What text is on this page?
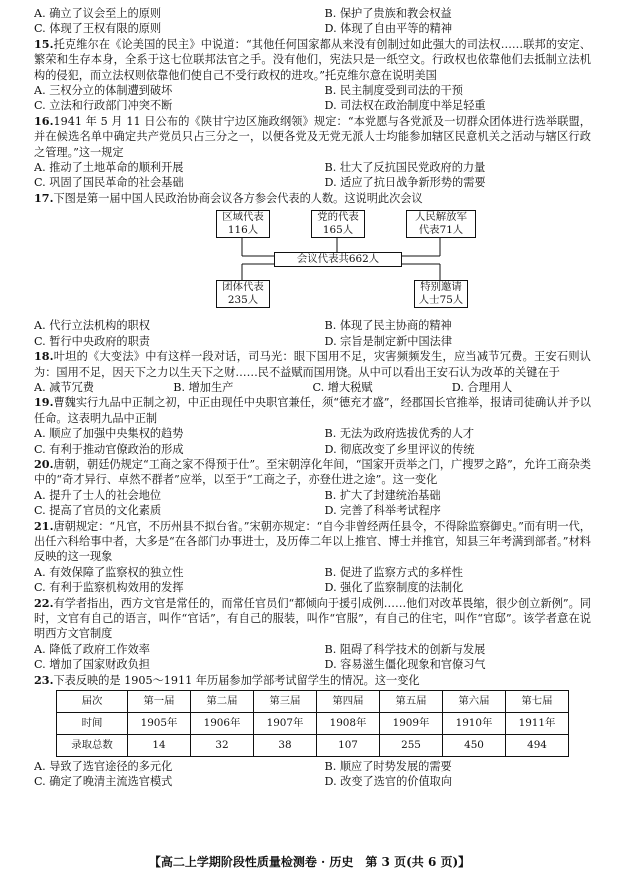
A. 确立了议会至上的原则	B. 保护了贵族和教会权益
C. 体现了王权有限的原则	D. 体现了自由平等的精神
15.托克维尔在《论美国的民主》中说道：“其他任何国家都从来没有创制过如此强大的司法权……联邦的安定、繁荣和生存本身，全系于这七位联邦法官之手。没有他们，宪法只是一纸空文。行政权也依靠他们去抵制立法机构的侵犯，而立法权则依靠他们使自己不受行政权的进攻。”托克维尔意在说明美国
A. 三权分立的体制遭到破坏	B. 民主制度受到司法的干预
C. 立法和行政部门冲突不断	D. 司法权在政治制度中举足轻重
16.1941 年 5 月 11 日公布的《陕甘宁边区施政纲领》规定：“本党愿与各党派及一切群众团体进行选举联盟，并在候选名单中确定共产党员只占三分之一，以便各党及无党无派人士均能参加辖区民意机关之活动与辖区行政之管理。”这一规定
A. 推动了土地革命的顺利开展	B. 壮大了反抗国民党政府的力量
C. 巩固了国民革命的社会基础	D. 适应了抗日战争新形势的需要
17.下图是第一届中国人民政治协商会议各方参会代表的人数。这说明此次会议
区域代表
116人
党的代表
165人
人民解放军
代表71人
会议代表共662人
团体代表
235人
特别邀请
人士75人
A. 代行立法机构的职权	B. 体现了民主协商的精神
C. 暂行中央政府的职责	D. 宗旨是制定新中国法律
18.叶坦的《大变法》中有这样一段对话，司马光：眼下国用不足，灾害频频发生，应当减节冗费。王安石则认为：国用不足，因天下之力以生天下之财……民不益赋而国用饶。从中可以看出王安石认为改革的关键在于
A. 减节冗费	B. 增加生产	C. 增大税赋	D. 合理用人
19.曹魏实行九品中正制之初，中正由现任中央职官兼任，须“德充才盛”，经郡国长官推举，报请司徒确认并予以任命。这表明九品中正制
A. 顺应了加强中央集权的趋势	B. 无法为政府选拔优秀的人才
C. 有利于推动官僚政治的形成	D. 彻底改变了乡里评议的传统
20.唐朝，朝廷仍规定“工商之家不得预于仕”。至宋朝淳化年间，“国家开贡举之门，广搜罗之路”，允许工商杂类中的“奇才异行、卓然不群者”应举，以至于“工商之子，亦登仕进之途”。这一变化
A. 提升了士人的社会地位	B. 扩大了封建统治基础
C. 提高了官员的文化素质	D. 完善了科举考试程序
21.唐朝规定：“凡官，不历州县不拟台省。”宋朝亦规定：“自今非曾经两任县令，不得除监察御史。”而有明一代，出任六科给事中者，大多是“在各部门办事进士，及历俸二年以上推官、博士并推官，知县三年考满到部者。”材料反映的这一现象
A. 有效保障了监察权的独立性	B. 促进了监察方式的多样性
C. 有利于监察机构效用的发挥	D. 强化了监察制度的法制化
22.有学者指出，西方文官是常任的，而常任官员们“都倾向于援引成例……他们对改革畏缩，很少创立新例”。同时，文官有自己的语言，叫作“官话”，有自己的服装，叫作“官服”，有自己的住宅，叫作“官邸”。该学者意在说明西方文官制度
A. 降低了政府工作效率	B. 阻碍了科学技术的创新与发展
C. 增加了国家财政负担	D. 容易滋生僵化现象和官僚习气
23.下表反映的是 1905～1911 年历届参加学部考试留学生的情况。这一变化
届次	第一届	第二届	第三届	第四届	第五届	第六届	第七届
时间	1905年	1906年	1907年	1908年	1909年	1910年	1911年
录取总数	14	32	38	107	255	450	494
A. 导致了选官途径的多元化	B. 顺应了时势发展的需要
C. 确定了晚清主流选官模式	D. 改变了选官的价值取向
【高二上学期阶段性质量检测卷 · 历史　第 3 页(共 6 页)】
